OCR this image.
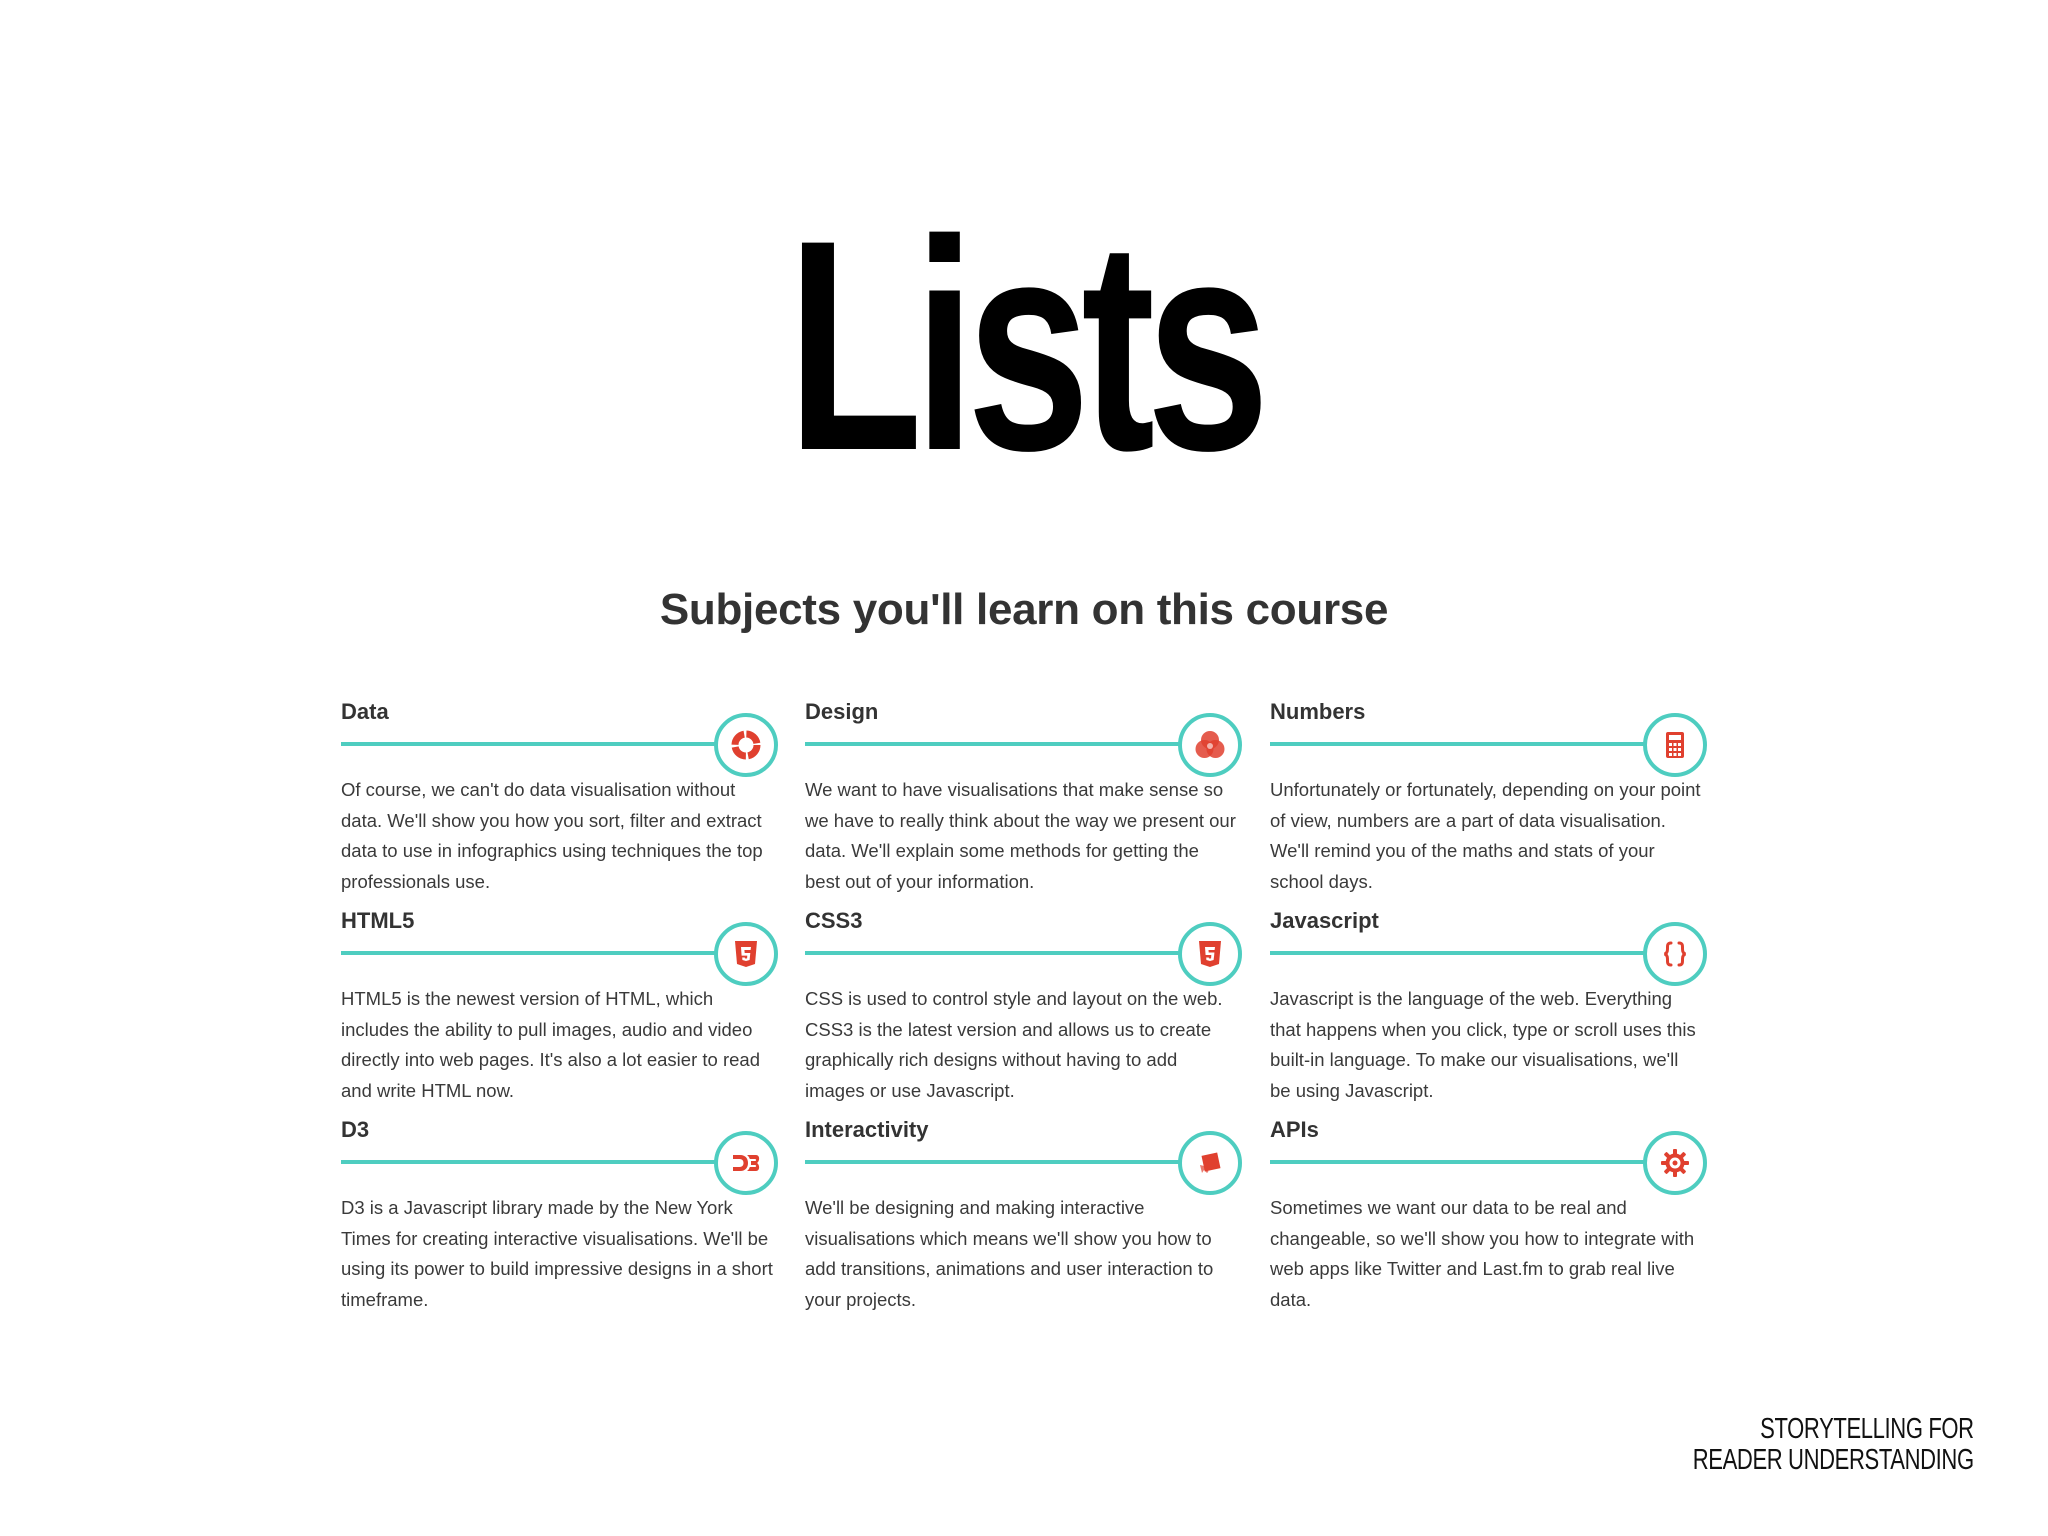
Lists
Subjects you'll learn on this course
Data

Of course, we can't do data visualisation without data. We'll show you how you sort, filter and extract data to use in infographics using techniques the top professionals use.

Design

We want to have visualisations that make sense so we have to really think about the way we present our data. We'll explain some methods for getting the best out of your information.

Numbers

Unfortunately or fortunately, depending on your point of view, numbers are a part of data visualisation. We'll remind you of the maths and stats of your school days.

HTML5

HTML5 is the newest version of HTML, which includes the ability to pull images, audio and video directly into web pages. It's also a lot easier to read and write HTML now.

CSS3

CSS is used to control style and layout on the web. CSS3 is the latest version and allows us to create graphically rich designs without having to add images or use Javascript.

Javascript

Javascript is the language of the web. Everything that happens when you click, type or scroll uses this built-in language. To make our visualisations, we'll be using Javascript.

D3

D3 is a Javascript library made by the New York Times for creating interactive visualisations. We'll be using its power to build impressive designs in a short timeframe.

Interactivity

We'll be designing and making interactive visualisations which means we'll show you how to add transitions, animations and user interaction to your projects.

APIs

Sometimes we want our data to be real and changeable, so we'll show you how to integrate with web apps like Twitter and Last.fm to grab real live data.

STORYTELLING FOR
READER UNDERSTANDING
